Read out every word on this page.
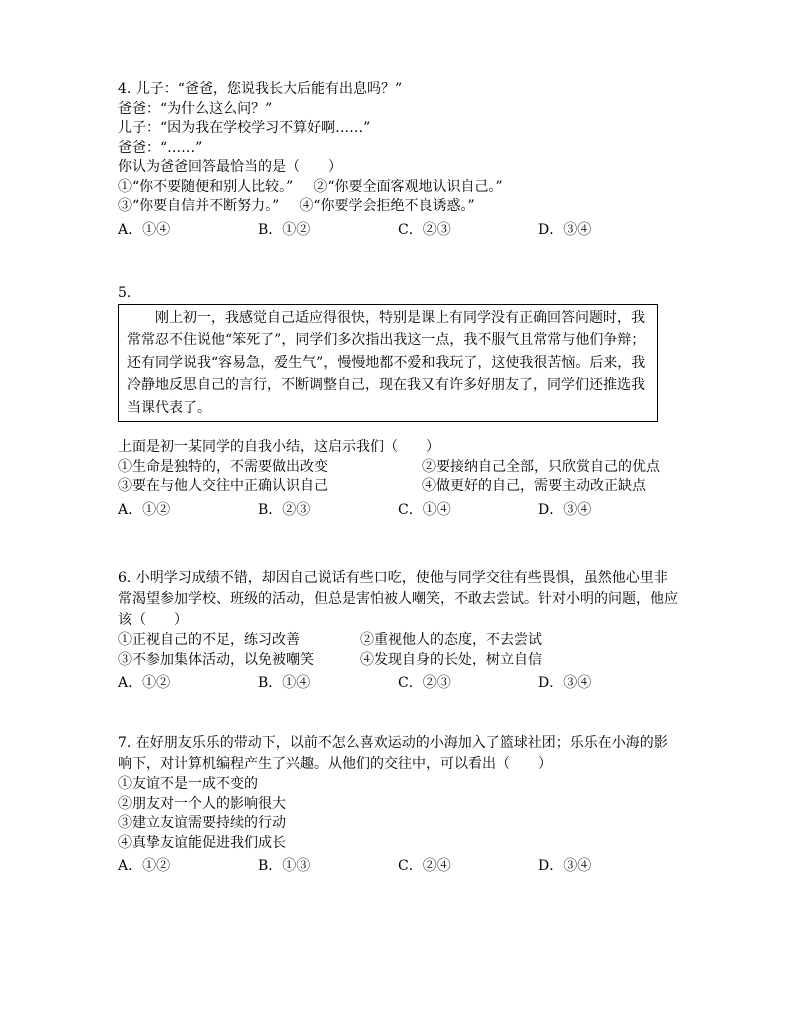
4. 儿子：“爸爸，您说我长大后能有出息吗？”
爸爸：“为什么这么问？”
儿子：“因为我在学校学习不算好啊……”
爸爸：“……”
你认为爸爸回答最恰当的是（　　）
①“你不要随便和别人比较。” ②“你要全面客观地认识自己。”
③“你要自信并不断努力。” ④“你要学会拒绝不良诱惑。”
A．①④	B．①②	C．②③	D．③④
5.

刚上初一，我感觉自己适应得很快，特别是课上有同学没有正确回答问题时，我常常忍不住说他“笨死了”，同学们多次指出我这一点，我不服气且常常与他们争辩；还有同学说我“容易急，爱生气”，慢慢地都不爱和我玩了，这使我很苦恼。后来，我冷静地反思自己的言行，不断调整自己，现在我又有许多好朋友了，同学们还推选我当课代表了。

上面是初一某同学的自我小结，这启示我们（　　）
①生命是独特的，不需要做出改变	②要接纳自己全部，只欣赏自己的优点
③要在与他人交往中正确认识自己	④做更好的自己，需要主动改正缺点
A．①②	B．②③	C．①④	D．③④
6. 小明学习成绩不错，却因自己说话有些口吃，使他与同学交往有些畏惧，虽然他心里非常渴望参加学校、班级的活动，但总是害怕被人嘲笑，不敢去尝试。针对小明的问题，他应该（　　）
①正视自己的不足，练习改善	②重视他人的态度，不去尝试
③不参加集体活动，以免被嘲笑	④发现自身的长处，树立自信
A．①②	B．①④	C．②③	D．③④
7. 在好朋友乐乐的带动下，以前不怎么喜欢运动的小海加入了篮球社团；乐乐在小海的影响下，对计算机编程产生了兴趣。从他们的交往中，可以看出（　　）
①友谊不是一成不变的
②朋友对一个人的影响很大
③建立友谊需要持续的行动
④真挚友谊能促进我们成长
A．①②	B．①③	C．②④	D．③④
